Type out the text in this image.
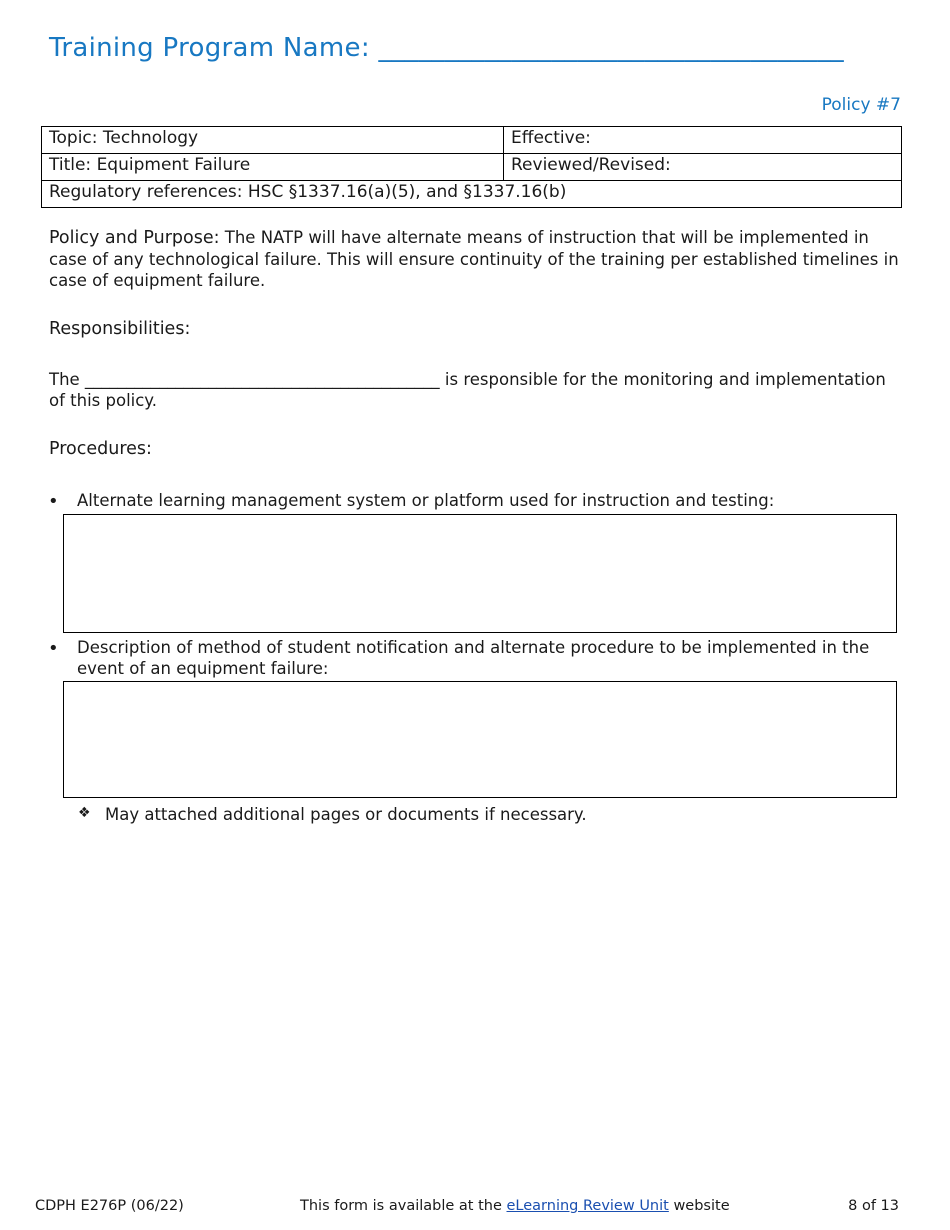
Training Program Name: ___________________________________
Policy #7
Topic: Technology	Effective:
Title: Equipment Failure	Reviewed/Revised:
Regulatory references: HSC §1337.16(a)(5), and §1337.16(b)	
Policy and Purpose: The NATP will have alternate means of instruction that will be implemented in case of any technological failure. This will ensure continuity of the training per established timelines in case of equipment failure.
Responsibilities:
The ___________________________________________ is responsible for the monitoring and implementation of this policy.
Procedures:
• Alternate learning management system or platform used for instruction and testing:
• Description of method of student notification and alternate procedure to be implemented in the event of an equipment failure:
❖ May attached additional pages or documents if necessary.
CDPH E276P (06/22)	This form is available at the eLearning Review Unit website	8 of 13
